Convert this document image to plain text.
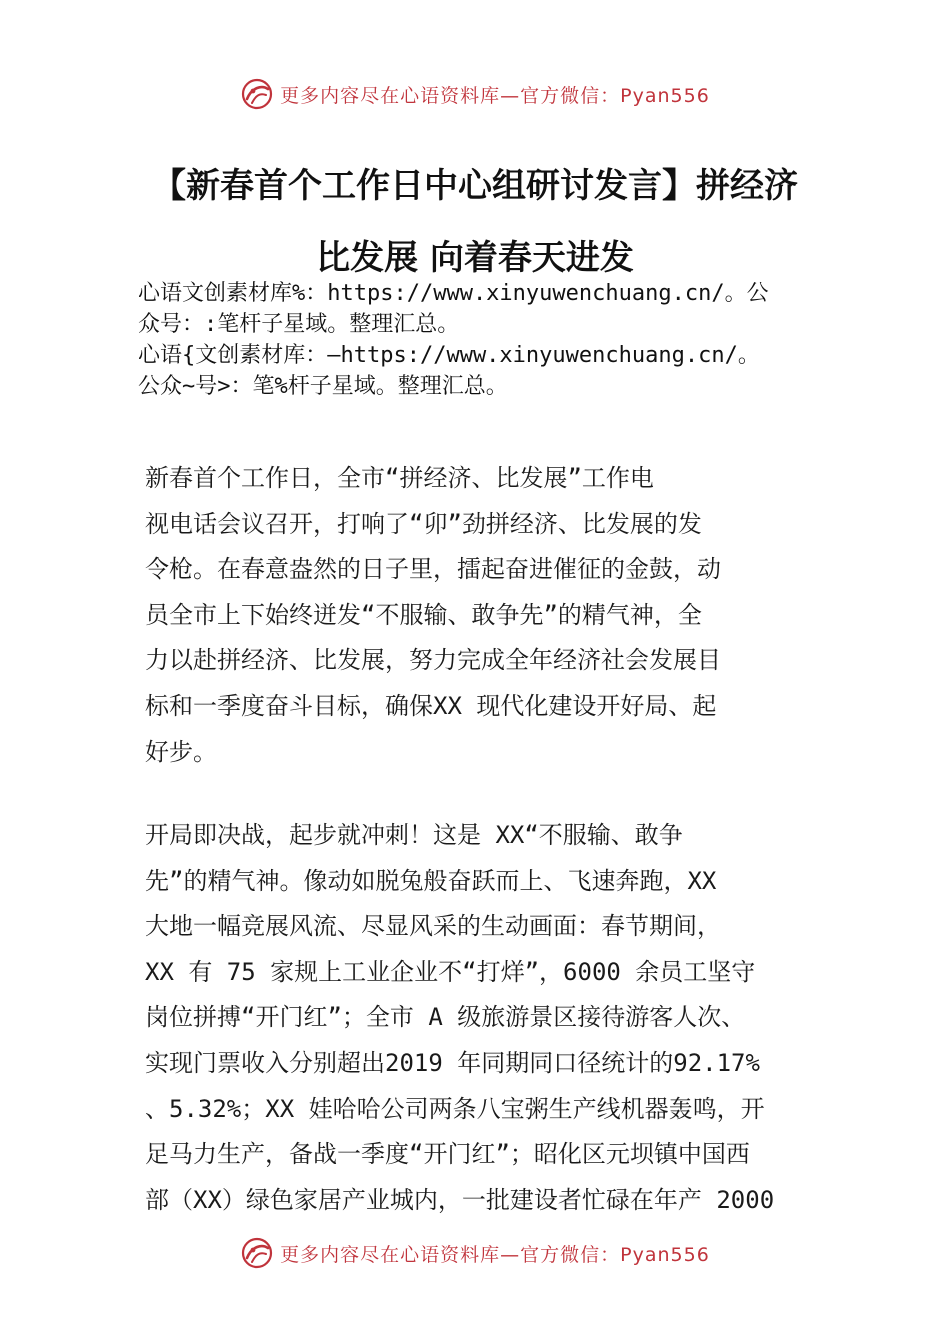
更多内容尽在心语资料库—官方微信：Pyan556
【新春首个工作日中心组研讨发言】拼经济
比发展 向着春天进发
心语文创素材库%：https://www.xinyuwenchuang.cn/。公
众号：:笔杆子星域。整理汇总。
心语{文创素材库：—https://www.xinyuwenchuang.cn/。
公众~号>：笔%杆子星域。整理汇总。
新春首个工作日，全市“拼经济、比发展”工作电
视电话会议召开，打响了“卯”劲拼经济、比发展的发
令枪。在春意盎然的日子里，擂起奋进催征的金鼓，动
员全市上下始终迸发“不服输、敢争先”的精气神，全
力以赴拼经济、比发展，努力完成全年经济社会发展目
标和一季度奋斗目标，确保XX 现代化建设开好局、起
好步。
开局即决战，起步就冲刺！这是 XX“不服输、敢争
先”的精气神。像动如脱兔般奋跃而上、飞速奔跑，XX
大地一幅竞展风流、尽显风采的生动画面：春节期间，
XX 有 75 家规上工业企业不“打烊”，6000 余员工坚守
岗位拼搏“开门红”；全市 A 级旅游景区接待游客人次、
实现门票收入分别超出2019 年同期同口径统计的92.17%
、5.32%；XX 娃哈哈公司两条八宝粥生产线机器轰鸣，开
足马力生产，备战一季度“开门红”；昭化区元坝镇中国西
部（XX）绿色家居产业城内，一批建设者忙碌在年产 2000
更多内容尽在心语资料库—官方微信：Pyan556
